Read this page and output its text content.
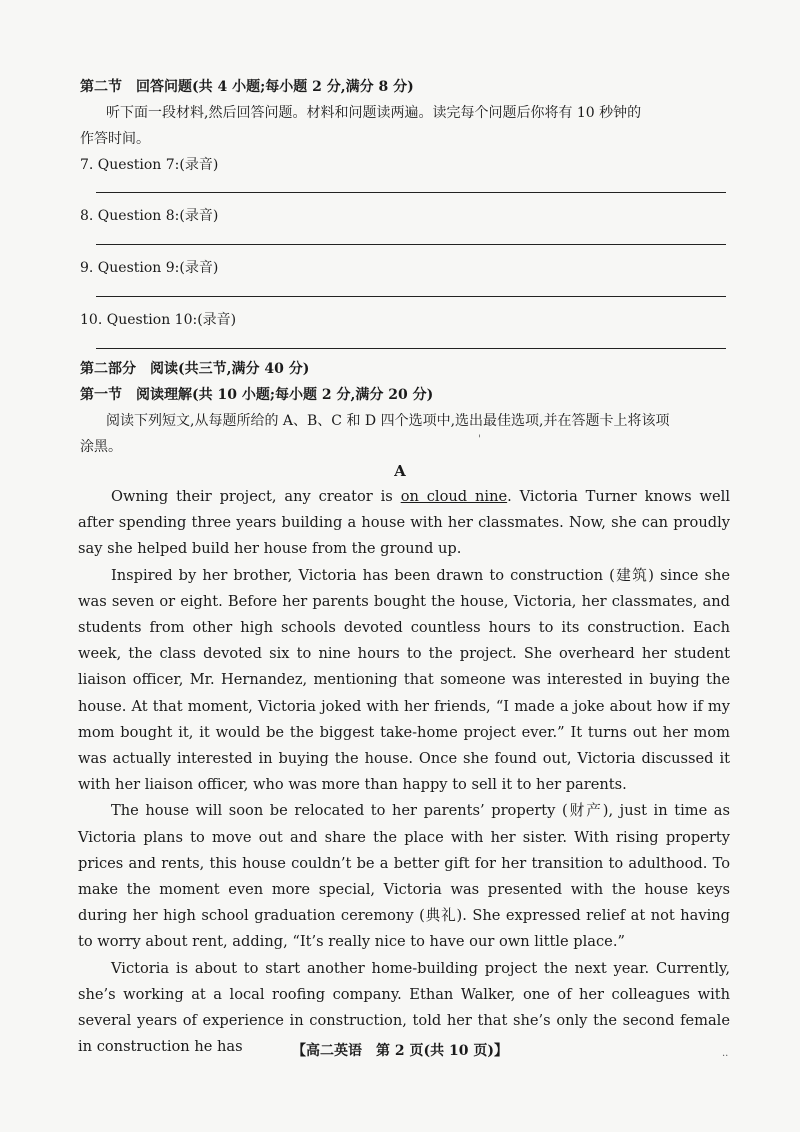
第二节　回答问题(共 4 小题;每小题 2 分,满分 8 分)
听下面一段材料,然后回答问题。材料和问题读两遍。读完每个问题后你将有 10 秒钟的
作答时间。
7. Question 7:(录音)
8. Question 8:(录音)
9. Question 9:(录音)
10. Question 10:(录音)
第二部分　阅读(共三节,满分 40 分)
第一节　阅读理解(共 10 小题;每小题 2 分,满分 20 分)
阅读下列短文,从每题所给的 A、B、C 和 D 四个选项中,选出最佳选项,并在答题卡上将该项
涂黑。
A

Owning their project, any creator is on cloud nine. Victoria Turner knows well after spending three years building a house with her classmates. Now, she can proudly say she helped build her house from the ground up.

Inspired by her brother, Victoria has been drawn to construction (建筑) since she was seven or eight. Before her parents bought the house, Victoria, her classmates, and students from other high schools devoted countless hours to its construction. Each week, the class devoted six to nine hours to the project. She overheard her student liaison officer, Mr. Hernandez, mentioning that someone was interested in buying the house. At that moment, Victoria joked with her friends, “I made a joke about how if my mom bought it, it would be the biggest take-home project ever.” It turns out her mom was actually interested in buying the house. Once she found out, Victoria discussed it with her liaison officer, who was more than happy to sell it to her parents.

The house will soon be relocated to her parents’ property (财产), just in time as Victoria plans to move out and share the place with her sister. With rising property prices and rents, this house couldn’t be a better gift for her transition to adulthood. To make the moment even more special, Victoria was presented with the house keys during her high school graduation ceremony (典礼). She expressed relief at not having to worry about rent, adding, “It’s really nice to have our own little place.”

Victoria is about to start another home-building project the next year. Currently, she’s working at a local roofing company. Ethan Walker, one of her colleagues with several years of experience in construction, told her that she’s only the second female in construction he has	【高二英语　第 2 页(共 10 页)】
'
..
